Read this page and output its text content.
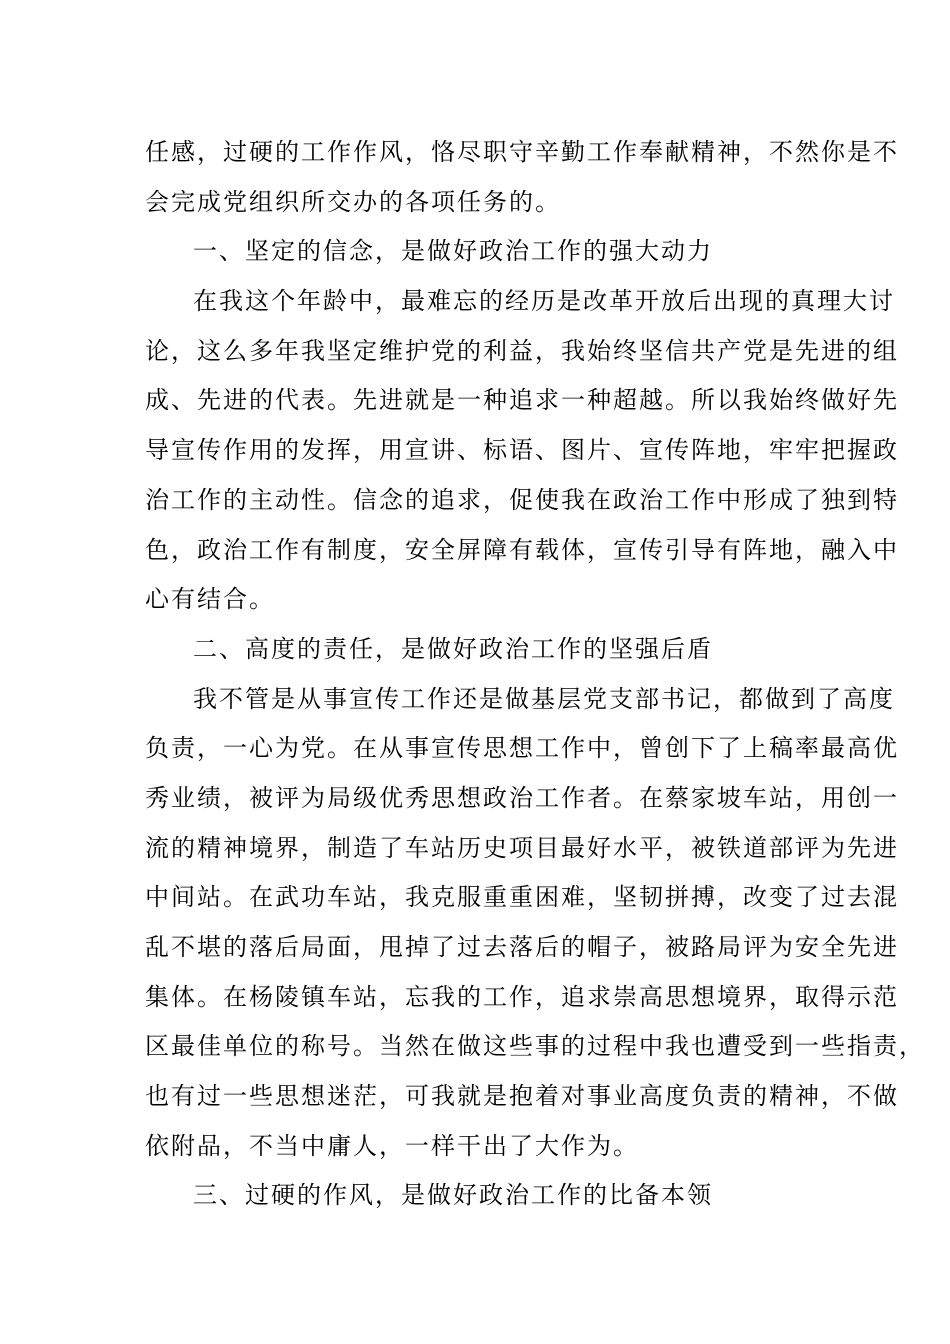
任感，过硬的工作作风，恪尽职守辛勤工作奉献精神，不然你是不
会完成党组织所交办的各项任务的。
一、坚定的信念，是做好政治工作的强大动力
在我这个年龄中，最难忘的经历是改革开放后出现的真理大讨
论，这么多年我坚定维护党的利益，我始终坚信共产党是先进的组
成、先进的代表。先进就是一种追求一种超越。所以我始终做好先
导宣传作用的发挥，用宣讲、标语、图片、宣传阵地，牢牢把握政
治工作的主动性。信念的追求，促使我在政治工作中形成了独到特
色，政治工作有制度，安全屏障有载体，宣传引导有阵地，融入中
心有结合。
二、高度的责任，是做好政治工作的坚强后盾
我不管是从事宣传工作还是做基层党支部书记，都做到了高度
负责，一心为党。在从事宣传思想工作中，曾创下了上稿率最高优
秀业绩，被评为局级优秀思想政治工作者。在蔡家坡车站，用创一
流的精神境界，制造了车站历史项目最好水平，被铁道部评为先进
中间站。在武功车站，我克服重重困难，坚韧拼搏，改变了过去混
乱不堪的落后局面，甩掉了过去落后的帽子，被路局评为安全先进
集体。在杨陵镇车站，忘我的工作，追求崇高思想境界，取得示范
区最佳单位的称号。当然在做这些事的过程中我也遭受到一些指责，
也有过一些思想迷茫，可我就是抱着对事业高度负责的精神，不做
依附品，不当中庸人，一样干出了大作为。
三、过硬的作风，是做好政治工作的比备本领
